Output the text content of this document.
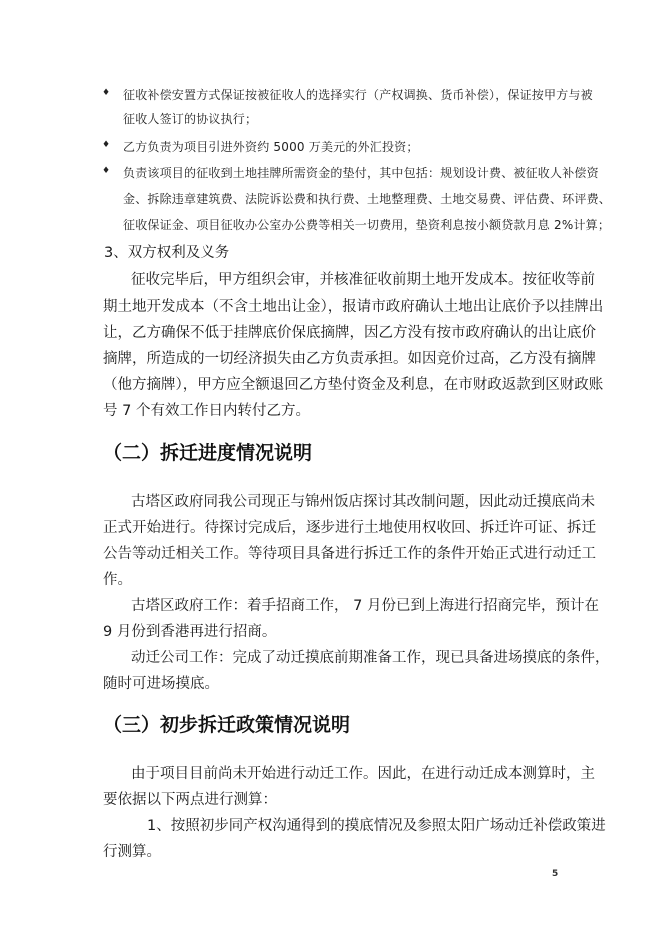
♦ 征收补偿安置方式保证按被征收人的选择实行（产权调换、货币补偿），保证按甲方与被
征收人签订的协议执行；
♦ 乙方负责为项目引进外资约 5000 万美元的外汇投资；
♦ 负责该项目的征收到土地挂牌所需资金的垫付，其中包括：规划设计费、被征收人补偿资
金、拆除违章建筑费、法院诉讼费和执行费、土地整理费、土地交易费、评估费、环评费、
征收保证金、项目征收办公室办公费等相关一切费用，垫资利息按小额贷款月息 2%计算；
3、双方权利及义务
征收完毕后，甲方组织会审，并核准征收前期土地开发成本。按征收等前
期土地开发成本（不含土地出让金），报请市政府确认土地出让底价予以挂牌出
让，乙方确保不低于挂牌底价保底摘牌，因乙方没有按市政府确认的出让底价
摘牌，所造成的一切经济损失由乙方负责承担。如因竞价过高，乙方没有摘牌
（他方摘牌），甲方应全额退回乙方垫付资金及利息，在市财政返款到区财政账
号 7 个有效工作日内转付乙方。
（二）拆迁进度情况说明
古塔区政府同我公司现正与锦州饭店探讨其改制问题，因此动迁摸底尚未
正式开始进行。待探讨完成后，逐步进行土地使用权收回、拆迁许可证、拆迁
公告等动迁相关工作。等待项目具备进行拆迁工作的条件开始正式进行动迁工
作。
古塔区政府工作：着手招商工作， 7 月份已到上海进行招商完毕，预计在
9 月份到香港再进行招商。
动迁公司工作：完成了动迁摸底前期准备工作，现已具备进场摸底的条件，
随时可进场摸底。
（三）初步拆迁政策情况说明
由于项目目前尚未开始进行动迁工作。因此，在进行动迁成本测算时，主
要依据以下两点进行测算：
1、按照初步同产权沟通得到的摸底情况及参照太阳广场动迁补偿政策进
行测算。
5
